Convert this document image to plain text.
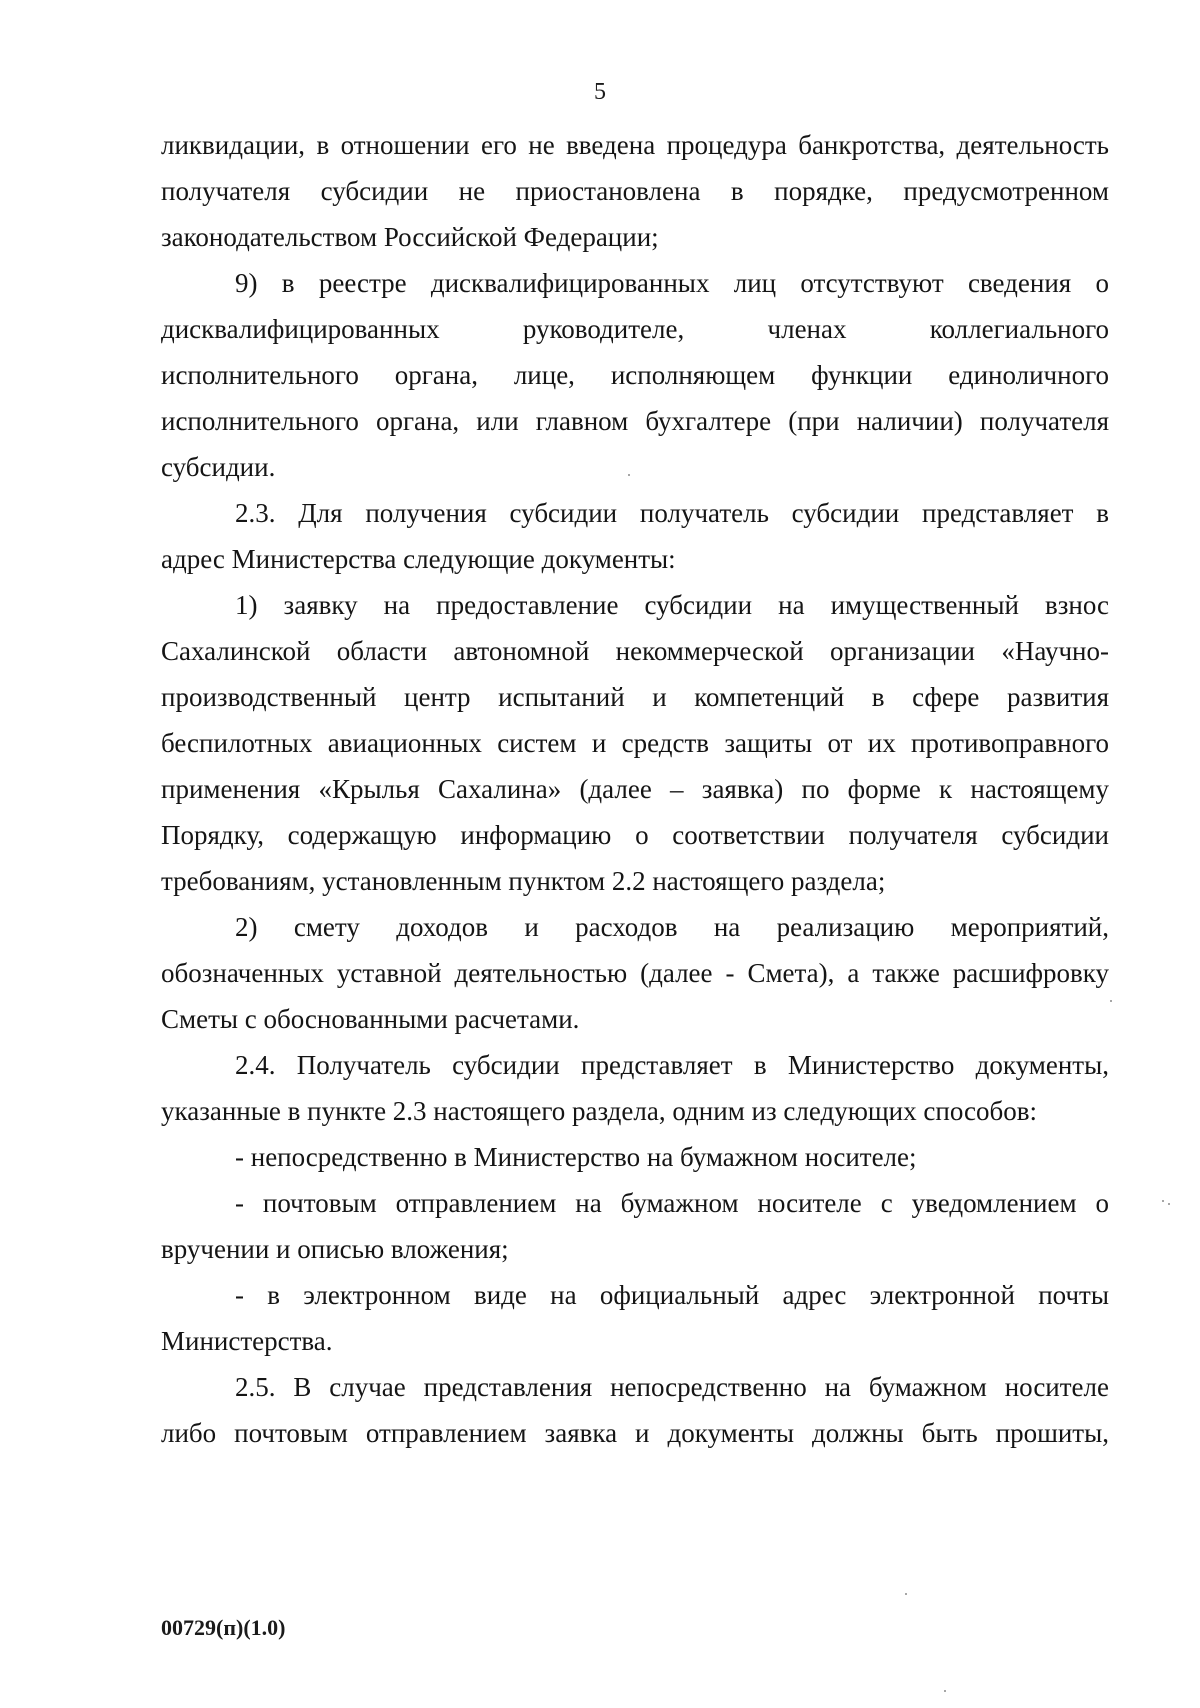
5
ликвидации, в отношении его не введена процедура банкротства, деятельность
получателя субсидии не приостановлена в порядке, предусмотренном
законодательством Российской Федерации;
9) в реестре дисквалифицированных лиц отсутствуют сведения о
дисквалифицированных руководителе, членах коллегиального
исполнительного органа, лице, исполняющем функции единоличного
исполнительного органа, или главном бухгалтере (при наличии) получателя
субсидии.
2.3. Для получения субсидии получатель субсидии представляет в
адрес Министерства следующие документы:
1) заявку на предоставление субсидии на имущественный взнос
Сахалинской области автономной некоммерческой организации «Научно-
производственный центр испытаний и компетенций в сфере развития
беспилотных авиационных систем и средств защиты от их противоправного
применения «Крылья Сахалина» (далее – заявка) по форме к настоящему
Порядку, содержащую информацию о соответствии получателя субсидии
требованиям, установленным пунктом 2.2 настоящего раздела;
2) смету доходов и расходов на реализацию мероприятий,
обозначенных уставной деятельностью (далее - Смета), а также расшифровку
Сметы с обоснованными расчетами.
2.4. Получатель субсидии представляет в Министерство документы,
указанные в пункте 2.3 настоящего раздела, одним из следующих способов:
- непосредственно в Министерство на бумажном носителе;
- почтовым отправлением на бумажном носителе с уведомлением о
вручении и описью вложения;
- в электронном виде на официальный адрес электронной почты
Министерства.
2.5. В случае представления непосредственно на бумажном носителе
либо почтовым отправлением заявка и документы должны быть прошиты,
00729(п)(1.0)
